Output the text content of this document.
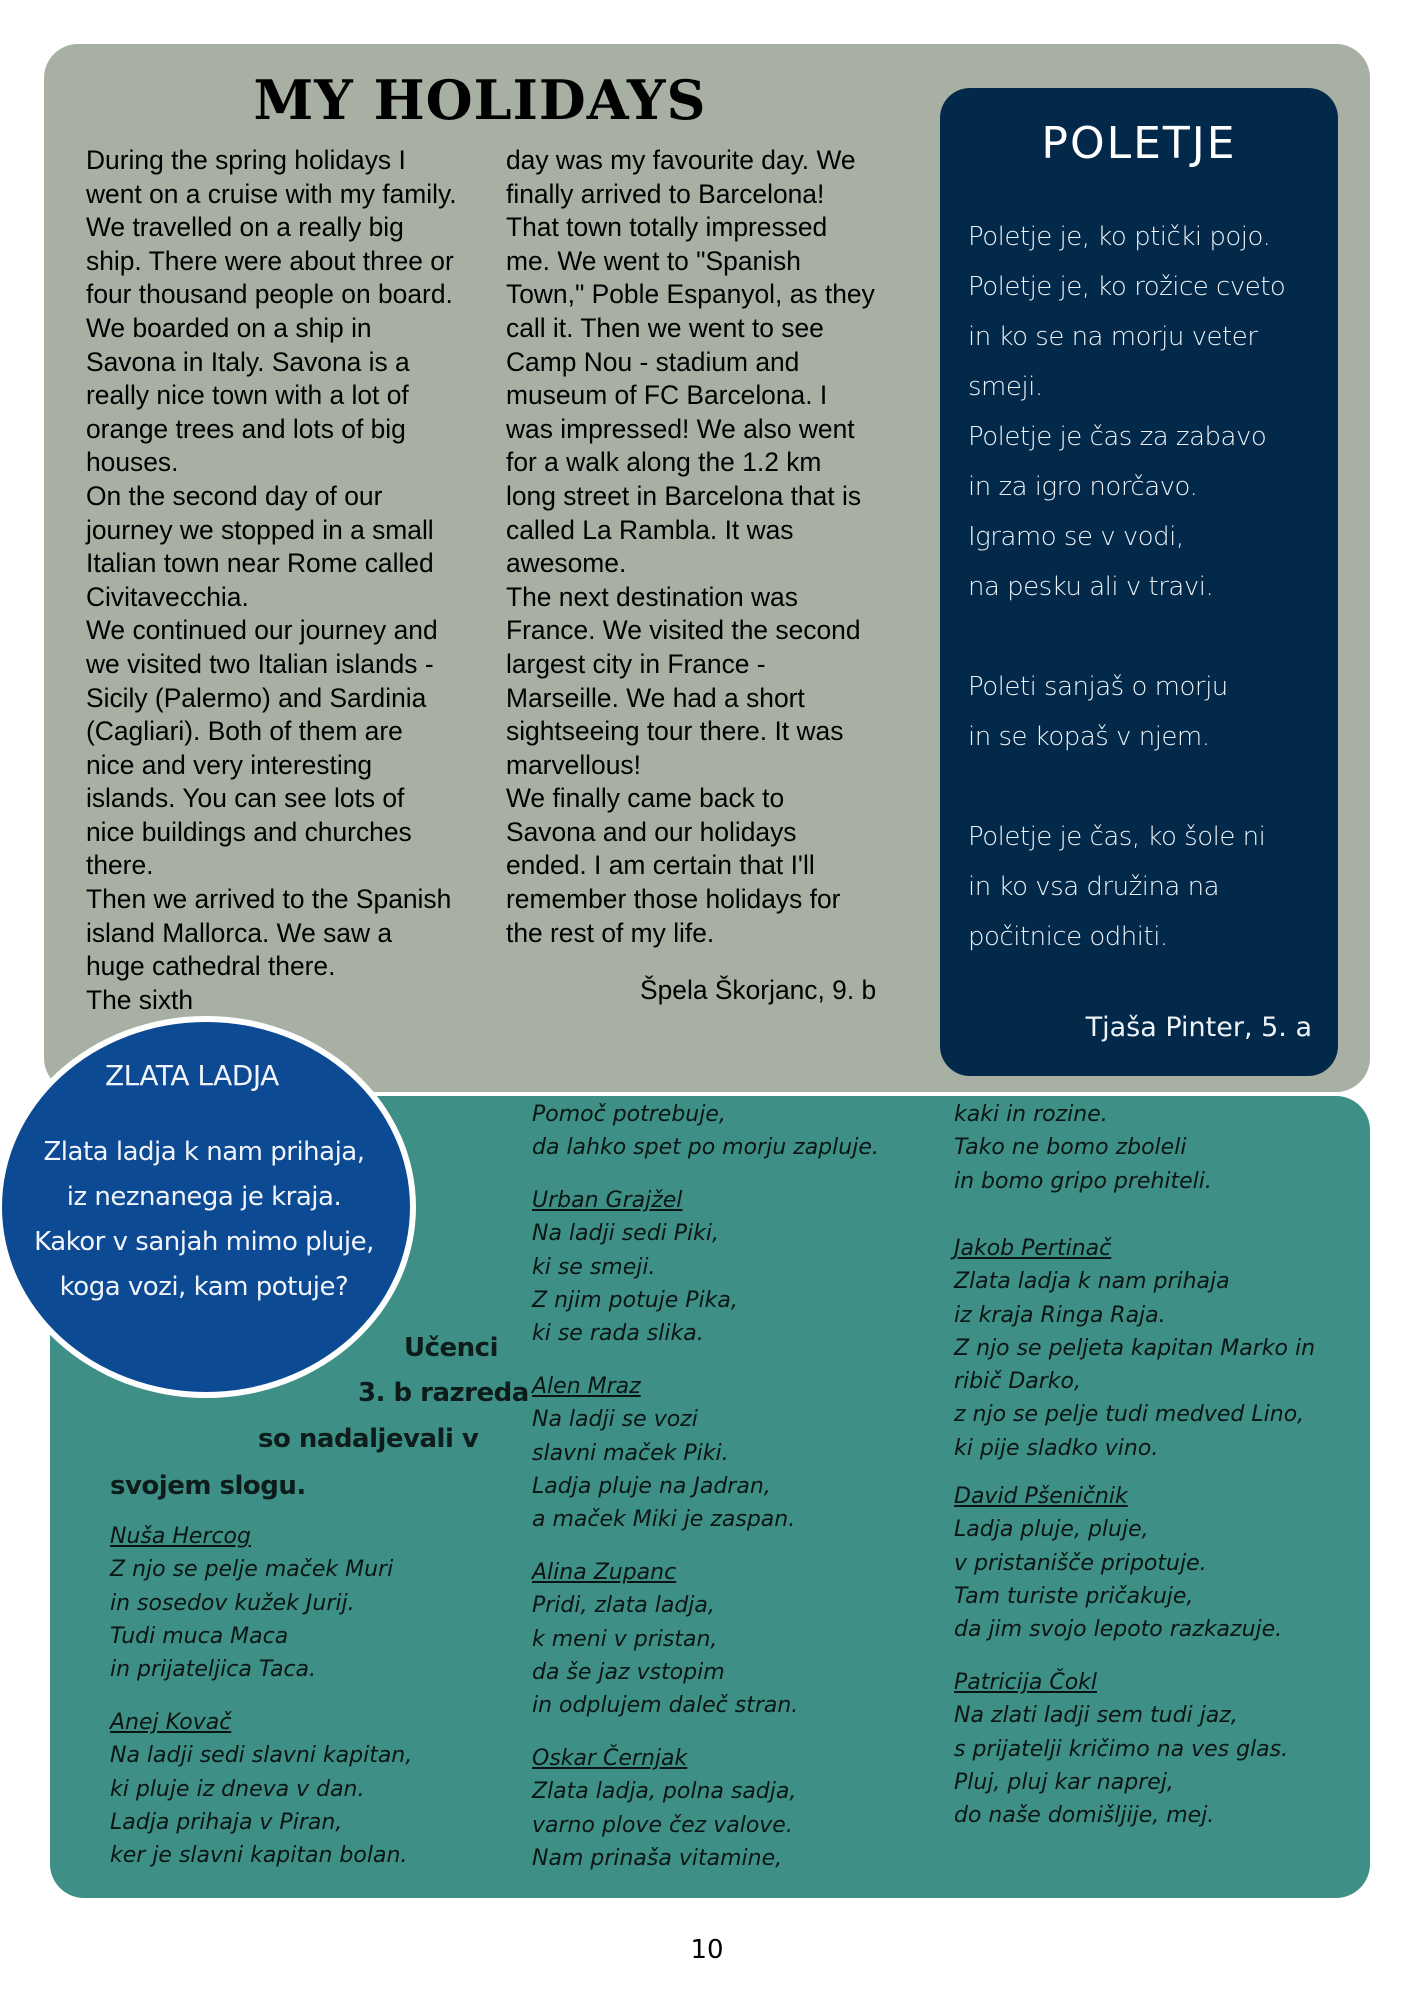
MY HOLIDAYS
During the spring holidays I
went on a cruise with my family.
We travelled on a really big
ship. There were about three or
four thousand people on board.
We boarded on a ship in
Savona in Italy. Savona is a
really nice town with a lot of
orange trees and lots of big
houses.
On the second day of our
journey we stopped in a small
Italian town near Rome called
Civitavecchia.
We continued our journey and
we visited two Italian islands -
Sicily (Palermo) and Sardinia
(Cagliari). Both of them are
nice and very interesting
islands. You can see lots of
nice buildings and churches
there.
Then we arrived to the Spanish
island Mallorca. We saw a
huge cathedral there.
The sixth
day was my favourite day. We
finally arrived to Barcelona!
That town totally impressed
me. We went to "Spanish
Town," Poble Espanyol, as they
call it. Then we went to see
Camp Nou - stadium and
museum of FC Barcelona. I
was impressed! We also went
for a walk along the 1.2 km
long street in Barcelona that is
called La Rambla. It was
awesome.
The next destination was
France. We visited the second
largest city in France -
Marseille. We had a short
sightseeing tour there. It was
marvellous!
We finally came back to
Savona and our holidays
ended. I am certain that I'll
remember those holidays for
the rest of my life.
Špela Škorjanc, 9. b
POLETJE
Poletje je, ko ptički pojo.
Poletje je, ko rožice cveto
in ko se na morju veter smeji.
Poletje je čas za zabavo
in za igro norčavo.
Igramo se v vodi,
na pesku ali v travi.
Poleti sanjaš o morju
in se kopaš v njem.
Poletje je čas, ko šole ni
in ko vsa družina na
počitnice odhiti.
Tjaša Pinter, 5. a
ZLATA LADJA
Zlata ladja k nam prihaja,
iz neznanega je kraja.
Kakor v sanjah mimo pluje,
koga vozi, kam potuje?
Učenci
3. b razreda
so nadaljevali v
svojem slogu.
Nuša Hercog
Z njo se pelje maček Muri
in sosedov kužek Jurij.
Tudi muca Maca
in prijateljica Taca.
Anej Kovač
Na ladji sedi slavni kapitan,
ki pluje iz dneva v dan.
Ladja prihaja v Piran,
ker je slavni kapitan bolan.
Pomoč potrebuje,
da lahko spet po morju zapluje.
Urban Grajžel
Na ladji sedi Piki,
ki se smeji.
Z njim potuje Pika,
ki se rada slika.
Alen Mraz
Na ladji se vozi
slavni maček Piki.
Ladja pluje na Jadran,
a maček Miki je zaspan.
Alina Zupanc
Pridi, zlata ladja,
k meni v pristan,
da še jaz vstopim
in odplujem daleč stran.
Oskar Černjak
Zlata ladja, polna sadja,
varno plove čez valove.
Nam prinaša vitamine,
kaki in rozine.
Tako ne bomo zboleli
in bomo gripo prehiteli.
Jakob Pertinač
Zlata ladja k nam prihaja
iz kraja Ringa Raja.
Z njo se peljeta kapitan Marko in
ribič Darko,
z njo se pelje tudi medved Lino,
ki pije sladko vino.
David Pšeničnik
Ladja pluje, pluje,
v pristanišče pripotuje.
Tam turiste pričakuje,
da jim svojo lepoto razkazuje.
Patricija Čokl
Na zlati ladji sem tudi jaz,
s prijatelji kričimo na ves glas.
Pluj, pluj kar naprej,
do naše domišljije, mej.
10
